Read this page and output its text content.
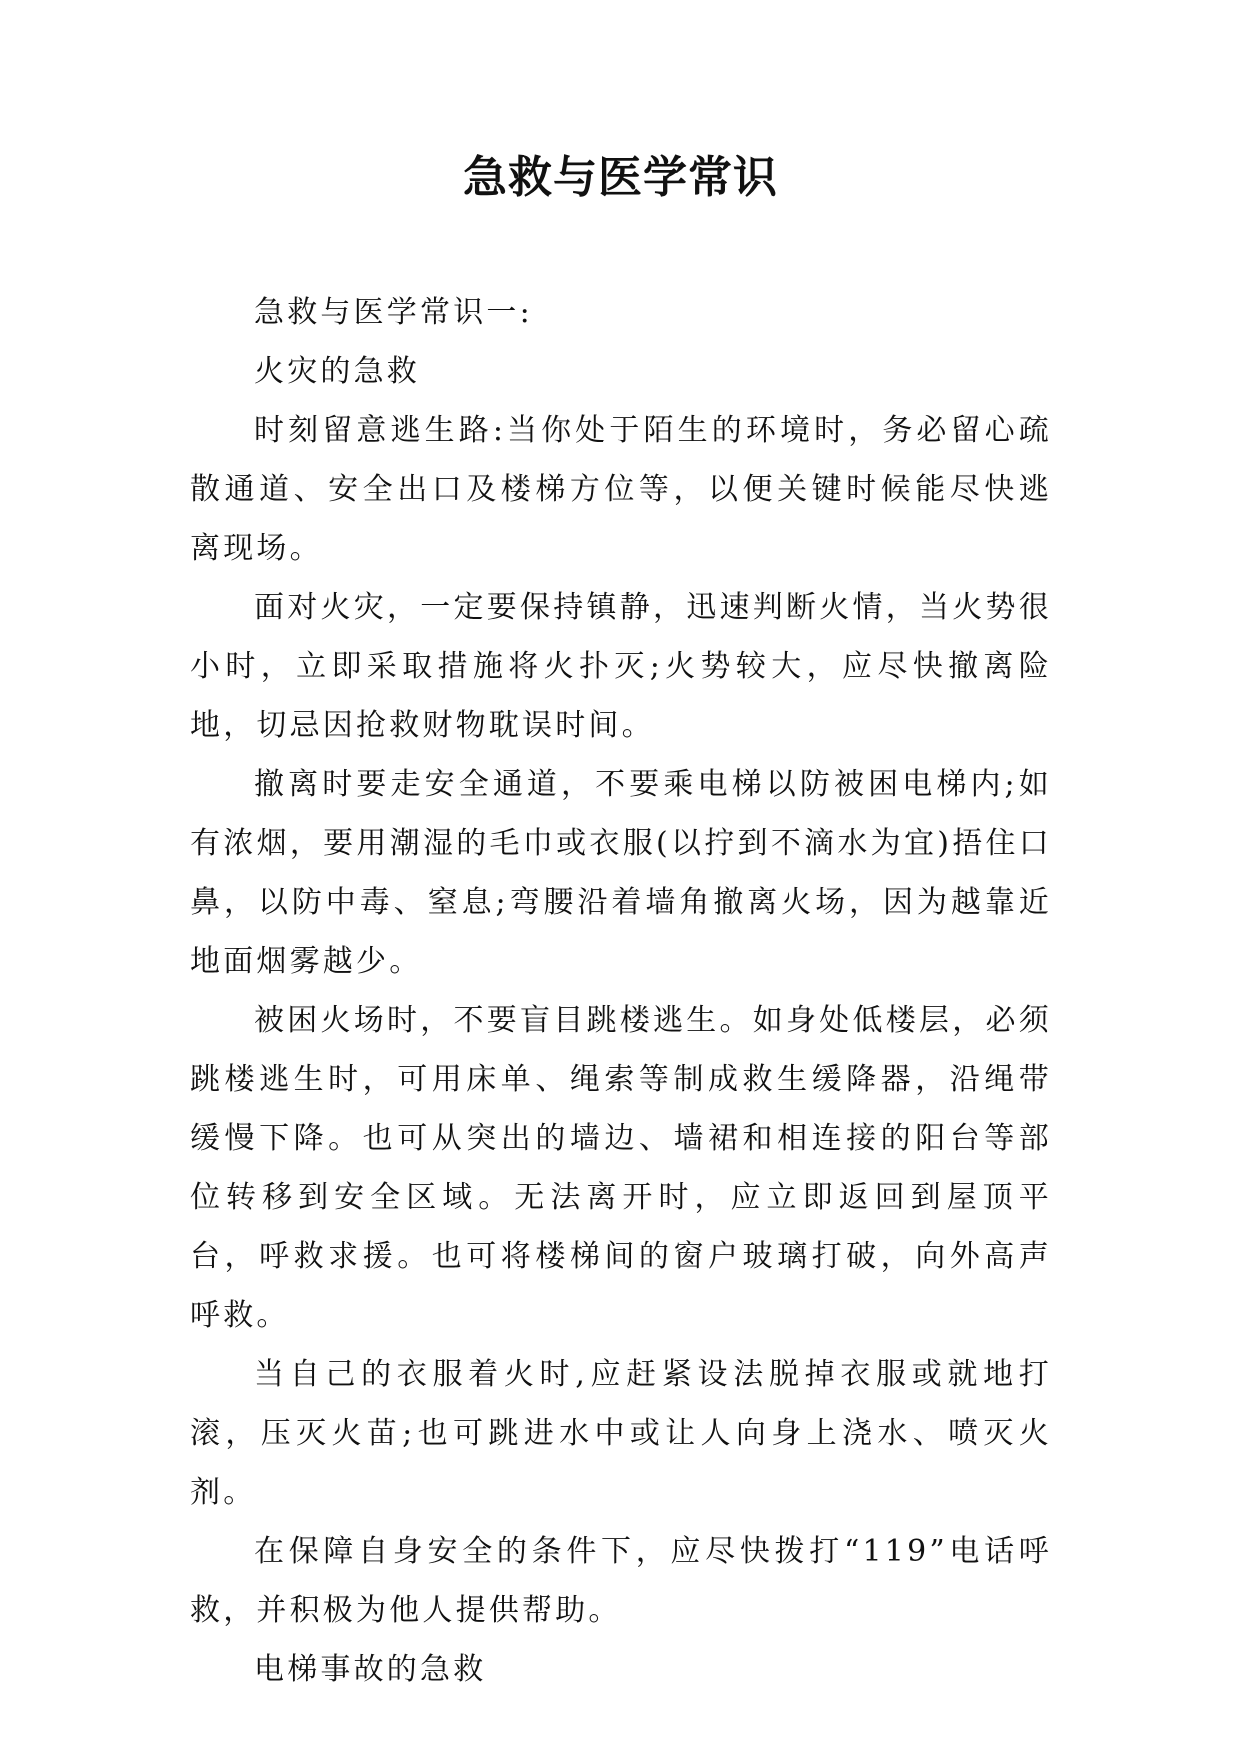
急救与医学常识

急救与医学常识一:

火灾的急救

时刻留意逃生路:当你处于陌生的环境时，务必留心疏散通道、安全出口及楼梯方位等，以便关键时候能尽快逃离现场。

面对火灾，一定要保持镇静，迅速判断火情，当火势很小时，立即采取措施将火扑灭;火势较大，应尽快撤离险地，切忌因抢救财物耽误时间。

撤离时要走安全通道，不要乘电梯以防被困电梯内;如有浓烟，要用潮湿的毛巾或衣服(以拧到不滴水为宜)捂住口鼻，以防中毒、窒息;弯腰沿着墙角撤离火场，因为越靠近地面烟雾越少。

被困火场时，不要盲目跳楼逃生。如身处低楼层，必须跳楼逃生时，可用床单、绳索等制成救生缓降器，沿绳带缓慢下降。也可从突出的墙边、墙裙和相连接的阳台等部位转移到安全区域。无法离开时，应立即返回到屋顶平台，呼救求援。也可将楼梯间的窗户玻璃打破，向外高声呼救。

当自己的衣服着火时,应赶紧设法脱掉衣服或就地打滚，压灭火苗;也可跳进水中或让人向身上浇水、喷灭火剂。

在保障自身安全的条件下，应尽快拨打“119”电话呼救，并积极为他人提供帮助。

电梯事故的急救
